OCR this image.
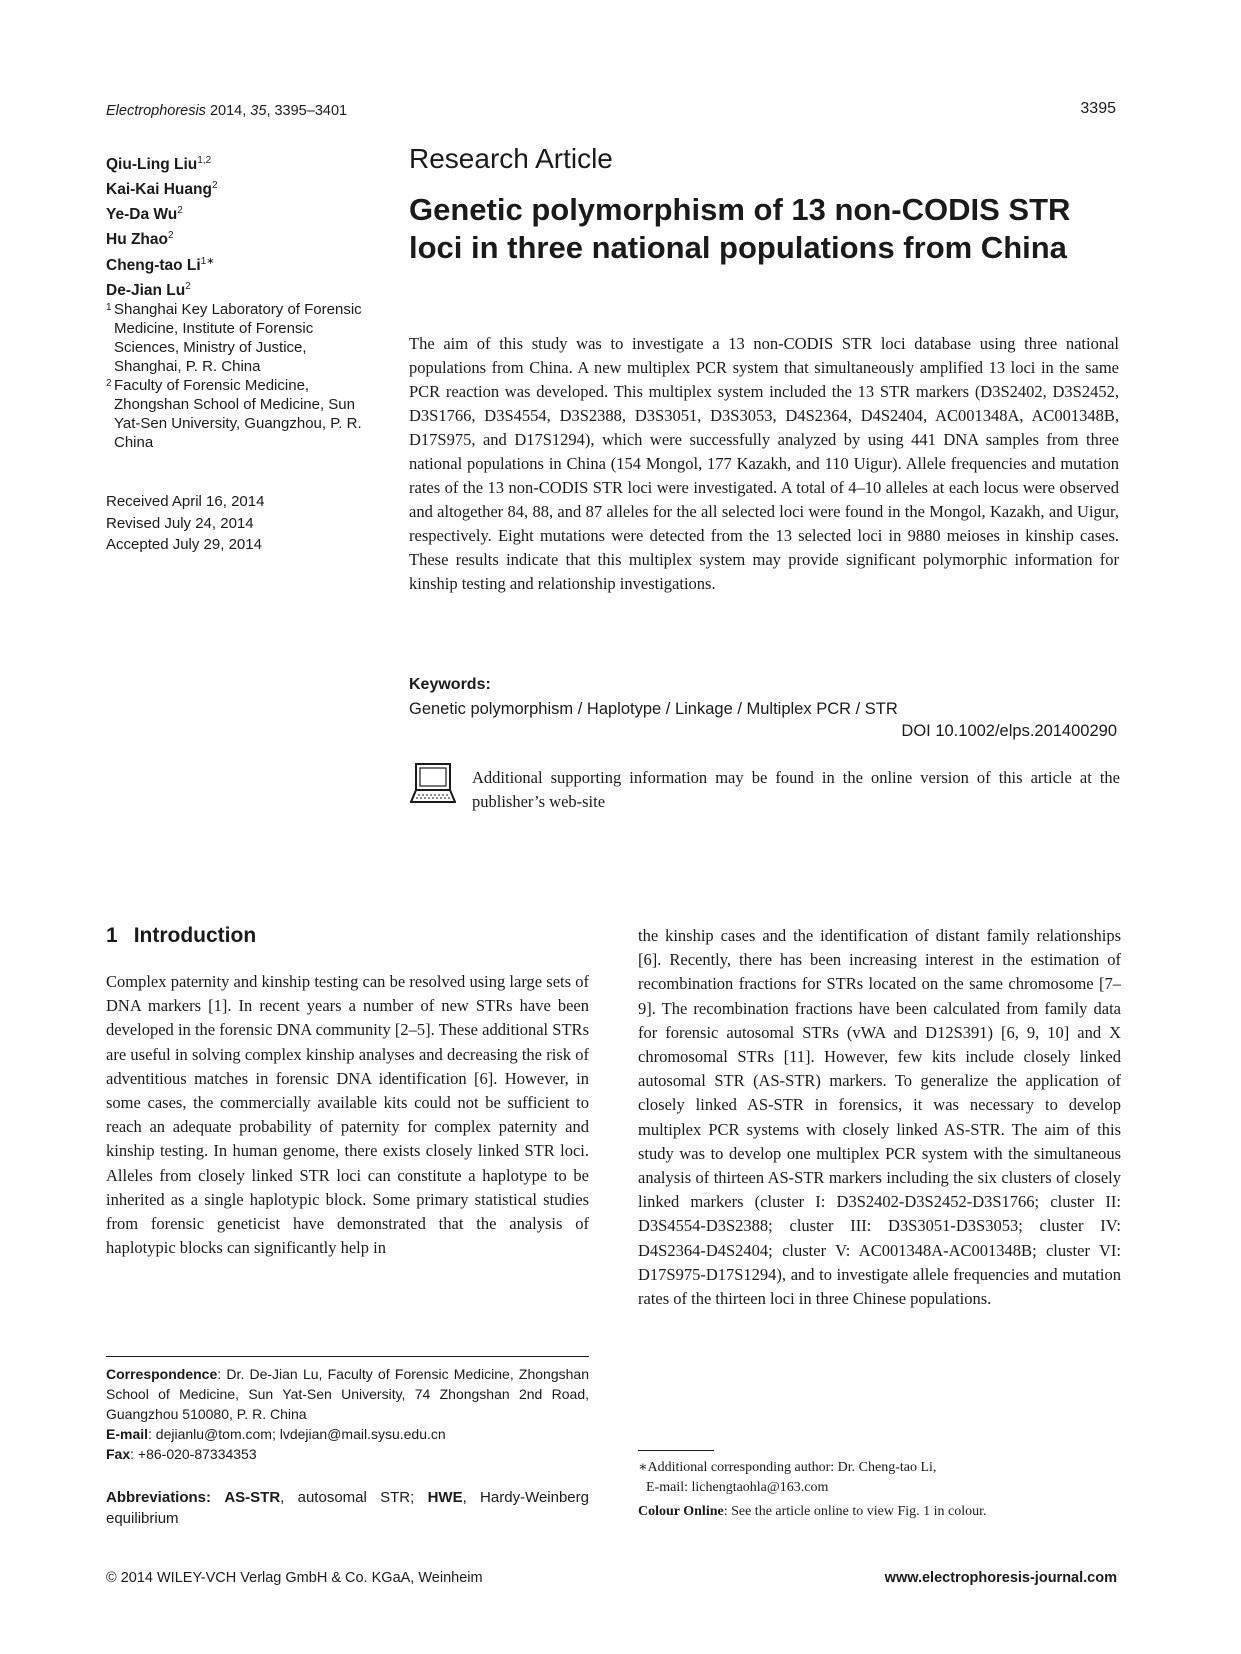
Electrophoresis 2014, 35, 3395–3401	3395
Qiu-Ling Liu$^{1,2}$
Kai-Kai Huang$^2$
Ye-Da Wu$^2$
Hu Zhao$^2$
Cheng-tao $Li^{1∗}$
De-Jian Lu$^2$
1 Shanghai Key Laboratory of Forensic Medicine, Institute of Forensic Sciences, Ministry of Justice, Shanghai, P. R. China
2 Faculty of Forensic Medicine, Zhongshan School of Medicine, Sun Yat-Sen University, Guangzhou, P. R. China
Received April 16, 2014
Revised July 24, 2014
Accepted July 29, 2014
Research Article
Genetic polymorphism of 13 non-CODIS STR loci in three national populations from China
The aim of this study was to investigate a 13 non-CODIS STR loci database using three national populations from China. A new multiplex PCR system that simultaneously amplified 13 loci in the same PCR reaction was developed. This multiplex system included the 13 STR markers (D3S2402, D3S2452, D3S1766, D3S4554, D3S2388, D3S3051, D3S3053, D4S2364, D4S2404, AC001348A, AC001348B, D17S975, and D17S1294), which were successfully analyzed by using 441 DNA samples from three national populations in China (154 Mongol, 177 Kazakh, and 110 Uigur). Allele frequencies and mutation rates of the 13 non-CODIS STR loci were investigated. A total of 4–10 alleles at each locus were observed and altogether 84, 88, and 87 alleles for the all selected loci were found in the Mongol, Kazakh, and Uigur, respectively. Eight mutations were detected from the 13 selected loci in 9880 meioses in kinship cases. These results indicate that this multiplex system may provide significant polymorphic information for kinship testing and relationship investigations.
Keywords:
Genetic polymorphism / Haplotype / Linkage / Multiplex PCR / STR
DOI 10.1002/elps.201400290
Additional supporting information may be found in the online version of this article at the publisher’s web-site
1 Introduction
Complex paternity and kinship testing can be resolved using large sets of DNA markers [1]. In recent years a number of new STRs have been developed in the forensic DNA community [2–5]. These additional STRs are useful in solving complex kinship analyses and decreasing the risk of adventitious matches in forensic DNA identification [6]. However, in some cases, the commercially available kits could not be sufficient to reach an adequate probability of paternity for complex paternity and kinship testing. In human genome, there exists closely linked STR loci. Alleles from closely linked STR loci can constitute a haplotype to be inherited as a single haplotypic block. Some primary statistical studies from forensic geneticist have demonstrated that the analysis of haplotypic blocks can significantly help in
the kinship cases and the identification of distant family relationships [6]. Recently, there has been increasing interest in the estimation of recombination fractions for STRs located on the same chromosome [7–9]. The recombination fractions have been calculated from family data for forensic autosomal STRs (vWA and D12S391) [6, 9, 10] and X chromosomal STRs [11]. However, few kits include closely linked autosomal STR (AS-STR) markers. To generalize the application of closely linked AS-STR in forensics, it was necessary to develop multiplex PCR systems with closely linked AS-STR. The aim of this study was to develop one multiplex PCR system with the simultaneous analysis of thirteen AS-STR markers including the six clusters of closely linked markers (cluster I: D3S2402-D3S2452-D3S1766; cluster II: D3S4554-D3S2388; cluster III: D3S3051-D3S3053; cluster IV: D4S2364-D4S2404; cluster V: AC001348A-AC001348B; cluster VI: D17S975-D17S1294), and to investigate allele frequencies and mutation rates of the thirteen loci in three Chinese populations.
Correspondence: Dr. De-Jian Lu, Faculty of Forensic Medicine, Zhongshan School of Medicine, Sun Yat-Sen University, 74 Zhongshan 2nd Road, Guangzhou 510080, P. R. China
E-mail: dejianlu@tom.com; lvdejian@mail.sysu.edu.cn
Fax: +86-020-87334353
Abbreviations: AS-STR, autosomal STR; HWE, Hardy-Weinberg equilibrium
∗Additional corresponding author: Dr. Cheng-tao Li,
E-mail: lichengtaohla@163.com
Colour Online: See the article online to view Fig. 1 in colour.
© 2014 WILEY-VCH Verlag GmbH & Co. KGaA, Weinheim	www.electrophoresis-journal.com
